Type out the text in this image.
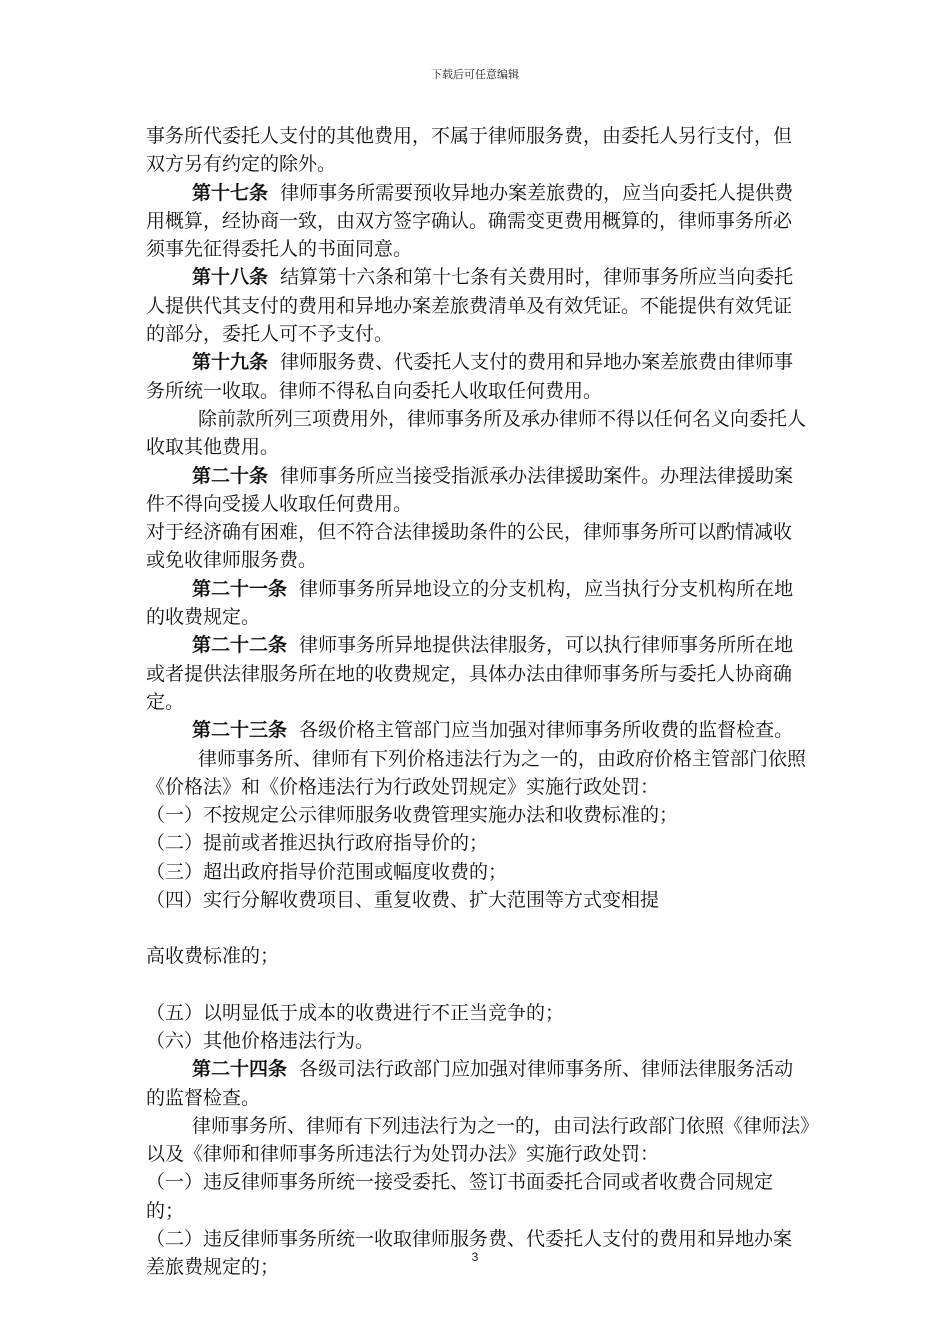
下载后可任意编辑

事务所代委托人支付的其他费用，不属于律师服务费，由委托人另行支付，但双方另有约定的除外。

第十七条 律师事务所需要预收异地办案差旅费的，应当向委托人提供费用概算，经协商一致，由双方签字确认。确需变更费用概算的，律师事务所必须事先征得委托人的书面同意。

第十八条 结算第十六条和第十七条有关费用时，律师事务所应当向委托人提供代其支付的费用和异地办案差旅费清单及有效凭证。不能提供有效凭证的部分，委托人可不予支付。

第十九条 律师服务费、代委托人支付的费用和异地办案差旅费由律师事务所统一收取。律师不得私自向委托人收取任何费用。

除前款所列三项费用外，律师事务所及承办律师不得以任何名义向委托人收取其他费用。

第二十条 律师事务所应当接受指派承办法律援助案件。办理法律援助案件不得向受援人收取任何费用。

对于经济确有困难，但不符合法律援助条件的公民，律师事务所可以酌情减收或免收律师服务费。

第二十一条 律师事务所异地设立的分支机构，应当执行分支机构所在地的收费规定。

第二十二条 律师事务所异地提供法律服务，可以执行律师事务所所在地或者提供法律服务所在地的收费规定，具体办法由律师事务所与委托人协商确定。

第二十三条 各级价格主管部门应当加强对律师事务所收费的监督检查。

律师事务所、律师有下列价格违法行为之一的，由政府价格主管部门依照《价格法》和《价格违法行为行政处罚规定》实施行政处罚：

（一）不按规定公示律师服务收费管理实施办法和收费标准的；

（二）提前或者推迟执行政府指导价的；

（三）超出政府指导价范围或幅度收费的；

（四）实行分解收费项目、重复收费、扩大范围等方式变相提

高收费标准的；

（五）以明显低于成本的收费进行不正当竞争的；

（六）其他价格违法行为。

第二十四条 各级司法行政部门应加强对律师事务所、律师法律服务活动的监督检查。

律师事务所、律师有下列违法行为之一的，由司法行政部门依照《律师法》以及《律师和律师事务所违法行为处罚办法》实施行政处罚：

（一）违反律师事务所统一接受委托、签订书面委托合同或者收费合同规定的；

（二）违反律师事务所统一收取律师服务费、代委托人支付的费用和异地办案差旅费规定的；	3
